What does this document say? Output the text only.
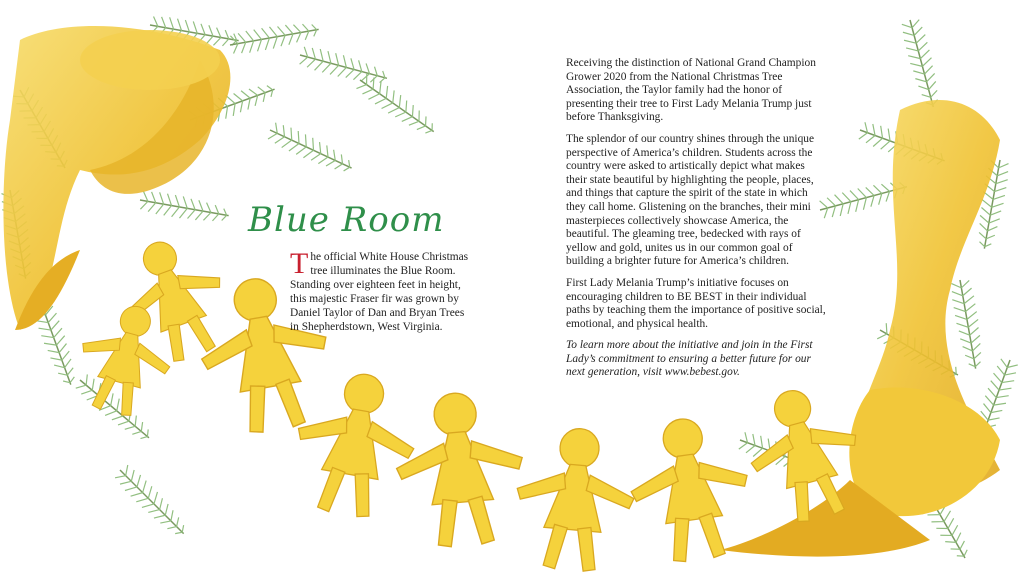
Blue Room
The official White House Christmas tree illuminates the Blue Room. Standing over eighteen feet in height, this majestic Fraser fir was grown by Daniel Taylor of Dan and Bryan Trees in Shepherdstown, West Virginia.

Receiving the distinction of National Grand Champion Grower 2020 from the National Christmas Tree Association, the Taylor family had the honor of presenting their tree to First Lady Melania Trump just before Thanksgiving.

The splendor of our country shines through the unique perspective of America’s children. Students across the country were asked to artistically depict what makes their state beautiful by highlighting the people, places, and things that capture the spirit of the state in which they call home. Glistening on the branches, their mini masterpieces collectively showcase America, the beautiful. The gleaming tree, bedecked with rays of yellow and gold, unites us in our common goal of building a brighter future for America’s children.

First Lady Melania Trump’s initiative focuses on encouraging children to BE BEST in their individual paths by teaching them the importance of positive social, emotional, and physical health.

To learn more about the initiative and join in the First Lady’s commitment to ensuring a better future for our next generation, visit www.bebest.gov.
